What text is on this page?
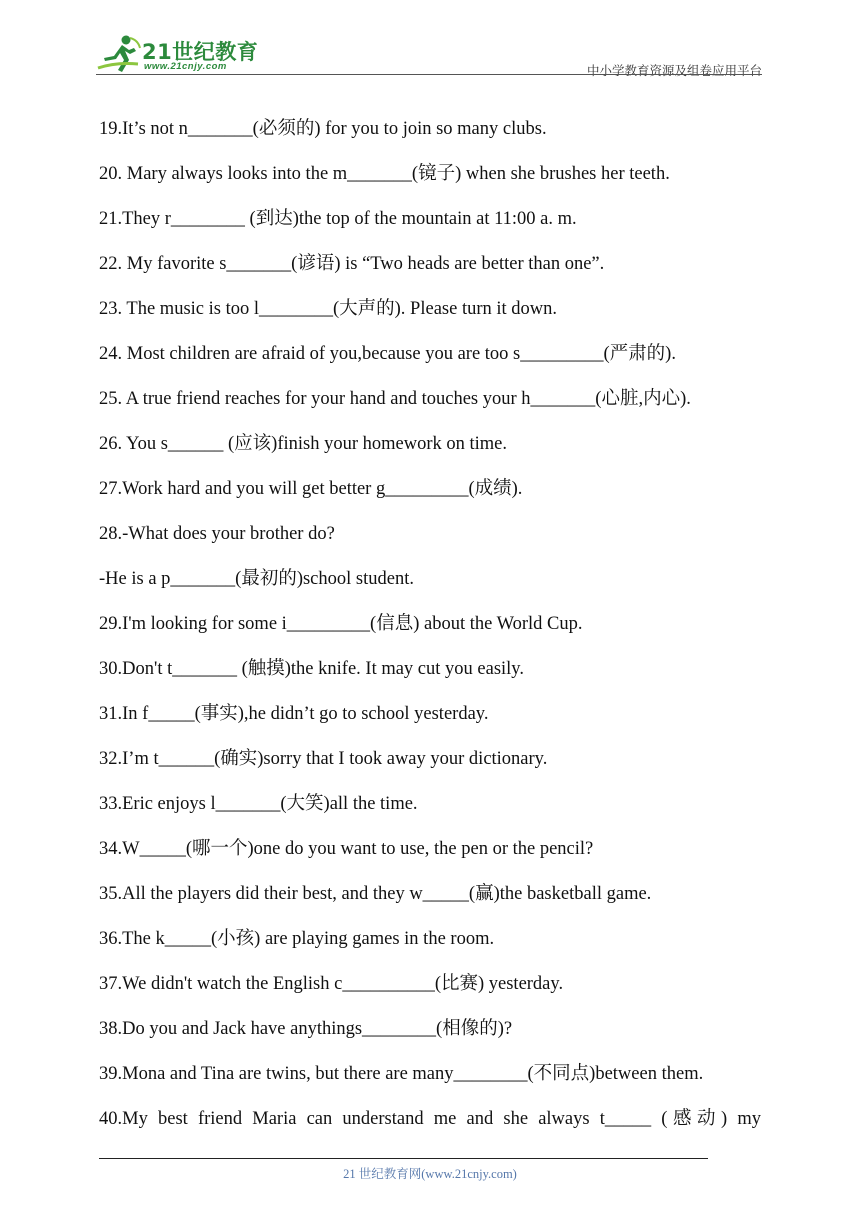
21世纪教育
www.21cnjy.com	中小学教育资源及组卷应用平台
19.It’s not n_______(必须的) for you to join so many clubs.
20. Mary always looks into the m_______(镜子) when she brushes her teeth.
21.They r________ (到达)the top of the mountain at 11:00 a. m.
22. My favorite s_______(谚语) is “Two heads are better than one”.
23. The music is too l________(大声的). Please turn it down.
24. Most children are afraid of you,because you are too s_________(严肃的).
25. A true friend reaches for your hand and touches your h_______(心脏,内心).
26. You s______ (应该)finish your homework on time.
27.Work hard and you will get better g_________(成绩).
28.-What does your brother do?
-He is a p_______(最初的)school student.
29.I'm looking for some i_________(信息) about the World Cup.
30.Don't t_______ (触摸)the knife. It may cut you easily.
31.In f_____(事实),he didn’t go to school yesterday.
32.I’m t______(确实)sorry that I took away your dictionary.
33.Eric enjoys l_______(大笑)all the time.
34.W_____(哪一个)one do you want to use, the pen or the pencil?
35.All the players did their best, and they w_____(赢)the basketball game.
36.The k_____(小孩) are playing games in the room.
37.We didn't watch the English c__________(比赛) yesterday.
38.Do you and Jack have anythings________(相像的)?
39.Mona and Tina are twins, but there are many________(不同点)between them.
40.My best friend Maria can understand me and she always t_____ (感动) my
21 世纪教育网(www.21cnjy.com)
